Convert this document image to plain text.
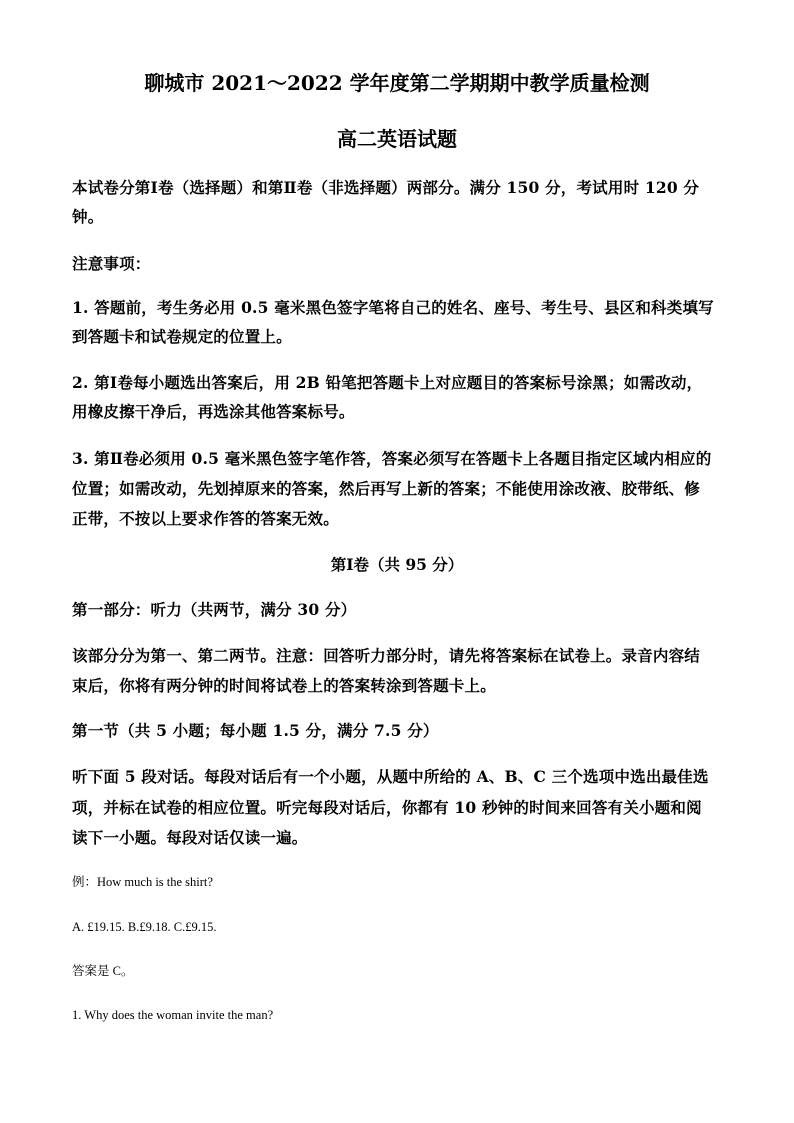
聊城市 2021～2022 学年度第二学期期中教学质量检测
高二英语试题
本试卷分第Ⅰ卷（选择题）和第Ⅱ卷（非选择题）两部分。满分 150 分，考试用时 120 分
钟。
注意事项：
1. 答题前，考生务必用 0.5 毫米黑色签字笔将自己的姓名、座号、考生号、县区和科类填写
到答题卡和试卷规定的位置上。
2. 第Ⅰ卷每小题选出答案后，用 2B 铅笔把答题卡上对应题目的答案标号涂黑；如需改动，
用橡皮擦干净后，再选涂其他答案标号。
3. 第Ⅱ卷必须用 0.5 毫米黑色签字笔作答，答案必须写在答题卡上各题目指定区域内相应的
位置；如需改动，先划掉原来的答案，然后再写上新的答案；不能使用涂改液、胶带纸、修
正带，不按以上要求作答的答案无效。
第Ⅰ卷（共 95 分）
第一部分：听力（共两节，满分 30 分）
该部分分为第一、第二两节。注意：回答听力部分时，请先将答案标在试卷上。录音内容结
束后，你将有两分钟的时间将试卷上的答案转涂到答题卡上。
第一节（共 5 小题；每小题 1.5 分，满分 7.5 分）
听下面 5 段对话。每段对话后有一个小题，从题中所给的 A、B、C 三个选项中选出最佳选
项，并标在试卷的相应位置。听完每段对话后，你都有 10 秒钟的时间来回答有关小题和阅
读下一小题。每段对话仅读一遍。
例：How much is the shirt?
A. £19.15. B.£9.18. C.£9.15.
答案是 C。
1. Why does the woman invite the man?
